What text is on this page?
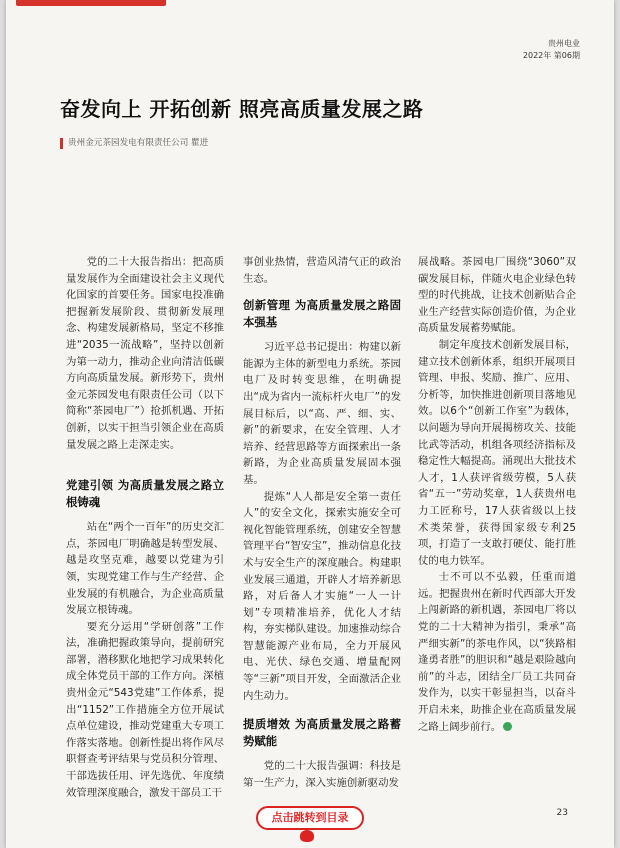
贵州电业
2022年 第06期
奋发向上 开拓创新 照亮高质量发展之路
贵州金元茶园发电有限责任公司 瞿进

党的二十大报告指出：把高质量发展作为全面建设社会主义现代化国家的首要任务。国家电投准确把握新发展阶段、贯彻新发展理念、构建发展新格局，坚定不移推进“2035一流战略”，坚持以创新为第一动力，推动企业向清洁低碳方向高质量发展。新形势下，贵州金元茶园发电有限责任公司（以下简称“茶园电厂”）抢抓机遇、开拓创新，以实干担当引领企业在高质量发展之路上走深走实。

党建引领 为高质量发展之路立根铸魂

站在“两个一百年”的历史交汇点，茶园电厂明确越是转型发展、越是攻坚克难，越要以党建为引领，实现党建工作与生产经营、企业发展的有机融合，为企业高质量发展立根铸魂。

要充分运用“学研创落”工作法，准确把握政策导向，提前研究部署，潜移默化地把学习成果转化成全体党员干部的工作方向。深植贵州金元“543党建”工作体系，提出“1152”工作措施全方位开展试点单位建设，推动党建重大专项工作落实落地。创新性提出将作风尽职督查考评结果与党员积分管理、干部选拔任用、评先选优、年度绩效管理深度融合，激发干部员工干

事创业热情，营造风清气正的政治生态。

创新管理 为高质量发展之路固本强基

习近平总书记提出：构建以新能源为主体的新型电力系统。茶园电厂及时转变思维，在明确提出“成为省内一流标杆火电厂”的发展目标后，以“高、严、细、实、新”的新要求，在安全管理、人才培养、经营思路等方面探索出一条新路，为企业高质量发展固本强基。

提炼“人人都是安全第一责任人”的安全文化，探索实施安全可视化智能管理系统，创建安全智慧管理平台“智安宝”，推动信息化技术与安全生产的深度融合。构建职业发展三通道，开辟人才培养新思路，对后备人才实施“一人一计划”专项精准培养，优化人才结构，夯实梯队建设。加速推动综合智慧能源产业布局，全力开展风电、光伏、绿色交通、增量配网等“三新”项目开发，全面激活企业内生动力。

提质增效 为高质量发展之路蓄势赋能

党的二十大报告强调：科技是第一生产力，深入实施创新驱动发

展战略。茶园电厂围绕“3060”双碳发展目标，伴随火电企业绿色转型的时代挑战，让技术创新贴合企业生产经营实际创造价值，为企业高质量发展蓄势赋能。

制定年度技术创新发展目标，建立技术创新体系，组织开展项目管理、申报、奖励、推广、应用、分析等，加快推进创新项目落地见效。以6个“创新工作室”为载体，以问题为导向开展揭榜攻关、技能比武等活动，机组各项经济指标及稳定性大幅提高。涌现出大批技术人才，1人获评省级劳模，5人获省“五一”劳动奖章，1人获贵州电力工匠称号，17人获省级以上技术类荣誉，获得国家级专利25项，打造了一支敢打硬仗、能打胜仗的电力铁军。

士不可以不弘毅，任重而道远。把握贵州在新时代西部大开发上闯新路的新机遇，茶园电厂将以党的二十大精神为指引，秉承“高严细实新”的茶电作风，以“狭路相逢勇者胜”的胆识和“越是艰险越向前”的斗志，团结全厂员工共同奋发作为，以实干彰显担当，以奋斗开启未来，助推企业在高质量发展之路上阔步前行。

23
点击跳转到目录
